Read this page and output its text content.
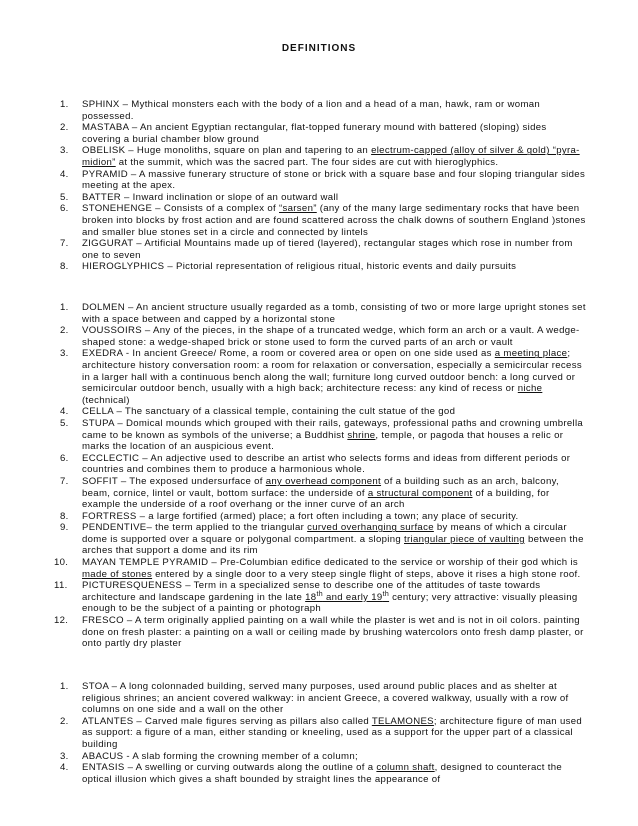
DEFINITIONS
1. SPHINX – Mythical monsters each with the body of a lion and a head of a man, hawk, ram or woman possessed.
2. MASTABA – An ancient Egyptian rectangular, flat-topped funerary mound with battered (sloping) sides covering a burial chamber blow ground
3. OBELISK – Huge monoliths, square on plan and tapering to an electrum-capped (alloy of silver & gold) “pyra-midion” at the summit, which was the sacred part. The four sides are cut with hieroglyphics.
4. PYRAMID – A massive funerary structure of stone or brick with a square base and four sloping triangular sides meeting at the apex.
5. BATTER – Inward inclination or slope of an outward wall
6. STONEHENGE – Consists of a complex of “sarsen” (any of the many large sedimentary rocks that have been broken into blocks by frost action and are found scattered across the chalk downs of southern England )stones and smaller blue stones set in a circle and connected by lintels
7. ZIGGURAT – Artificial Mountains made up of tiered (layered), rectangular stages which rose in number from one to seven
8. HIEROGLYPHICS – Pictorial representation of religious ritual, historic events and daily pursuits
1. DOLMEN – An ancient structure usually regarded as a tomb, consisting of two or more large upright stones set with a space between and capped by a horizontal stone
2. VOUSSOIRS – Any of the pieces, in the shape of a truncated wedge, which form an arch or a vault. A wedge-shaped stone: a wedge-shaped brick or stone used to form the curved parts of an arch or vault
3. EXEDRA - In ancient Greece/ Rome, a room or covered area or open on one side used as a meeting place; architecture history conversation room: a room for relaxation or conversation, especially a semicircular recess in a larger hall with a continuous bench along the wall; furniture long curved outdoor bench: a long curved or semicircular outdoor bench, usually with a high back; architecture recess: any kind of recess or niche (technical)
4. CELLA – The sanctuary of a classical temple, containing the cult statue of the god
5. STUPA – Domical mounds which grouped with their rails, gateways, professional paths and crowning umbrella came to be known as symbols of the universe; a Buddhist shrine, temple, or pagoda that houses a relic or marks the location of an auspicious event.
6. ECCLECTIC – An adjective used to describe an artist who selects forms and ideas from different periods or countries and combines them to produce a harmonious whole.
7. SOFFIT – The exposed undersurface of any overhead component of a building such as an arch, balcony, beam, cornice, lintel or vault, bottom surface: the underside of a structural component of a building, for example the underside of a roof overhang or the inner curve of an arch
8. FORTRESS – a large fortified (armed) place; a fort often including a town; any place of security.
9. PENDENTIVE– the term applied to the triangular curved overhanging surface by means of which a circular dome is supported over a square or polygonal compartment. a sloping triangular piece of vaulting between the arches that support a dome and its rim
10. MAYAN TEMPLE PYRAMID – Pre-Columbian edifice dedicated to the service or worship of their god which is made of stones entered by a single door to a very steep single flight of steps, above it rises a high stone roof.
11. PICTURESQUENESS – Term in a specialized sense to describe one of the attitudes of taste towards architecture and landscape gardening in the late 18th and early 19th century; very attractive: visually pleasing enough to be the subject of a painting or photograph
12. FRESCO – A term originally applied painting on a wall while the plaster is wet and is not in oil colors. painting done on fresh plaster: a painting on a wall or ceiling made by brushing watercolors onto fresh damp plaster, or onto partly dry plaster
1. STOA – A long colonnaded building, served many purposes, used around public places and as shelter at religious shrines; an ancient covered walkway: in ancient Greece, a covered walkway, usually with a row of columns on one side and a wall on the other
2. ATLANTES – Carved male figures serving as pillars also called TELAMONES; architecture figure of man used as support: a figure of a man, either standing or kneeling, used as a support for the upper part of a classical building
3. ABACUS - A slab forming the crowning member of a column;
4. ENTASIS – A swelling or curving outwards along the outline of a column shaft, designed to counteract the optical illusion which gives a shaft bounded by straight lines the appearance of
